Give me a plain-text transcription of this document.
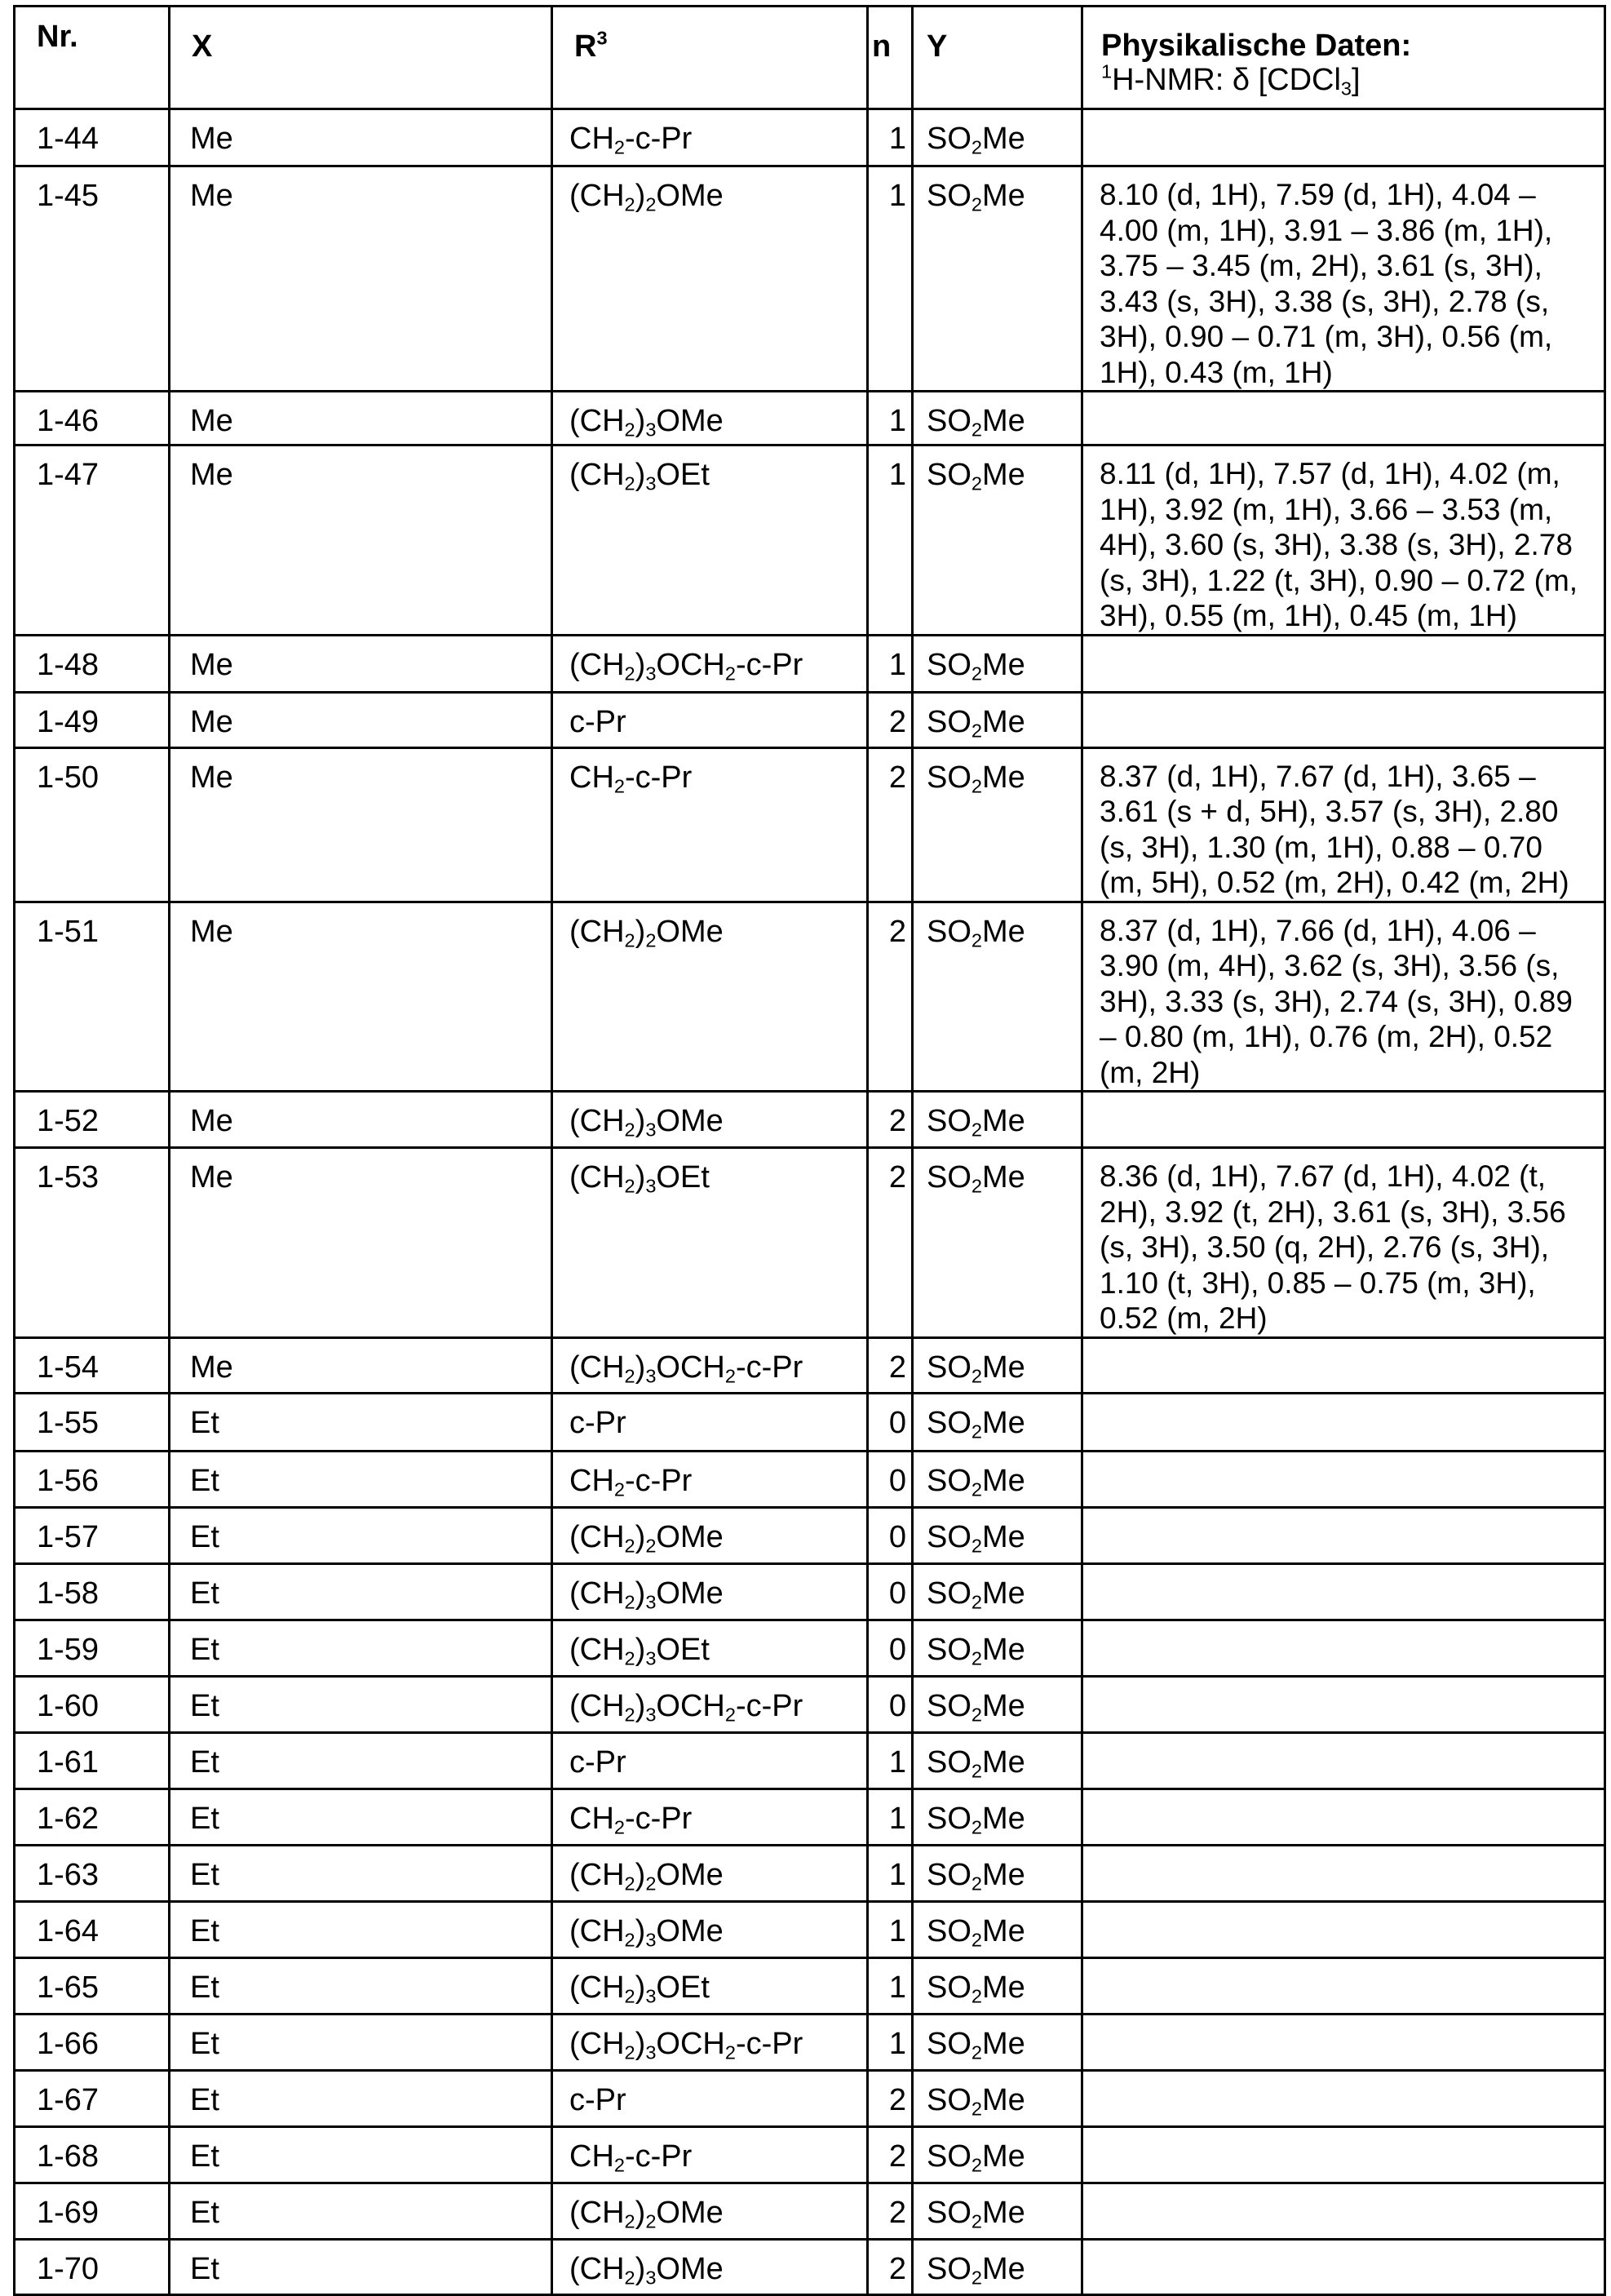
Nr.	X	$R^3$	n	Y	Physikalische Daten:
$^1$H-NMR: δ [CDCl$_3$]

1-44	Me	$CH_2-c-Pr$	1	$SO_2Me$	

1-45	Me	$(CH_2)_2OMe$	1	$SO_2Me$	8.10 (d, 1H), 7.59 (d, 1H), 4.04 –
4.00 (m, 1H), 3.91 – 3.86 (m, 1H),
3.75 – 3.45 (m, 2H), 3.61 (s, 3H),
3.43 (s, 3H), 3.38 (s, 3H), 2.78 (s,
3H), 0.90 – 0.71 (m, 3H), 0.56 (m,
1H), 0.43 (m, 1H)

1-46	Me	$(CH_2)_3OMe$	1	$SO_2Me$	

1-47	Me	$(CH_2)_3OEt$	1	$SO_2Me$	8.11 (d, 1H), 7.57 (d, 1H), 4.02 (m,
1H), 3.92 (m, 1H), 3.66 – 3.53 (m,
4H), 3.60 (s, 3H), 3.38 (s, 3H), 2.78
(s, 3H), 1.22 (t, 3H), 0.90 – 0.72 (m,
3H), 0.55 (m, 1H), 0.45 (m, 1H)

1-48	Me	$(CH_2)_3OCH_2-c-Pr$	1	$SO_2Me$	

1-49	Me	c-Pr	2	$SO_2Me$	

1-50	Me	$CH_2-c-Pr$	2	$SO_2Me$	8.37 (d, 1H), 7.67 (d, 1H), 3.65 –
3.61 (s + d, 5H), 3.57 (s, 3H), 2.80
(s, 3H), 1.30 (m, 1H), 0.88 – 0.70
(m, 5H), 0.52 (m, 2H), 0.42 (m, 2H)

1-51	Me	$(CH_2)_2OMe$	2	$SO_2Me$	8.37 (d, 1H), 7.66 (d, 1H), 4.06 –
3.90 (m, 4H), 3.62 (s, 3H), 3.56 (s,
3H), 3.33 (s, 3H), 2.74 (s, 3H), 0.89
– 0.80 (m, 1H), 0.76 (m, 2H), 0.52
(m, 2H)

1-52	Me	$(CH_2)_3OMe$	2	$SO_2Me$	

1-53	Me	$(CH_2)_3OEt$	2	$SO_2Me$	8.36 (d, 1H), 7.67 (d, 1H), 4.02 (t,
2H), 3.92 (t, 2H), 3.61 (s, 3H), 3.56
(s, 3H), 3.50 (q, 2H), 2.76 (s, 3H),
1.10 (t, 3H), 0.85 – 0.75 (m, 3H),
0.52 (m, 2H)

1-54	Me	$(CH_2)_3OCH_2-c-Pr$	2	$SO_2Me$	

1-55	Et	c-Pr	0	$SO_2Me$	

1-56	Et	$CH_2-c-Pr$	0	$SO_2Me$	

1-57	Et	$(CH_2)_2OMe$	0	$SO_2Me$	

1-58	Et	$(CH_2)_3OMe$	0	$SO_2Me$	

1-59	Et	$(CH_2)_3OEt$	0	$SO_2Me$	

1-60	Et	$(CH_2)_3OCH_2-c-Pr$	0	$SO_2Me$	

1-61	Et	c-Pr	1	$SO_2Me$	

1-62	Et	$CH_2-c-Pr$	1	$SO_2Me$	

1-63	Et	$(CH_2)_2OMe$	1	$SO_2Me$	

1-64	Et	$(CH_2)_3OMe$	1	$SO_2Me$	

1-65	Et	$(CH_2)_3OEt$	1	$SO_2Me$	

1-66	Et	$(CH_2)_3OCH_2-c-Pr$	1	$SO_2Me$	

1-67	Et	c-Pr	2	$SO_2Me$	

1-68	Et	$CH_2-c-Pr$	2	$SO_2Me$	

1-69	Et	$(CH_2)_2OMe$	2	$SO_2Me$	

1-70	Et	$(CH_2)_3OMe$	2	$SO_2Me$	
